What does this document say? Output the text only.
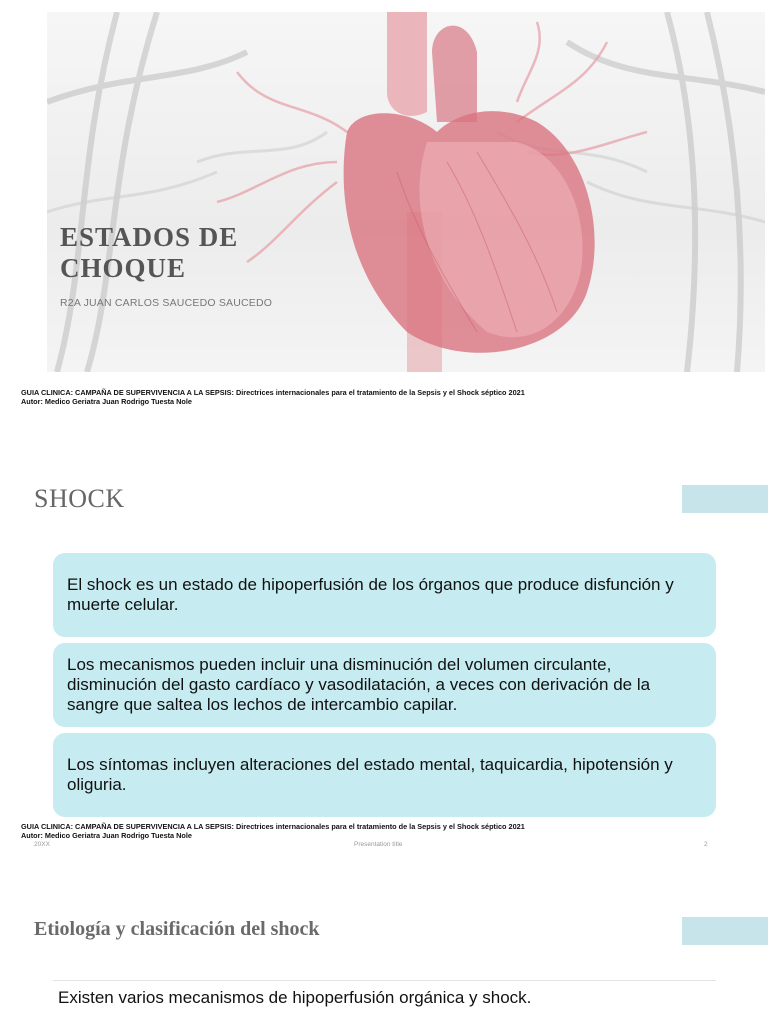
ESTADOS DE CHOQUE
R2A JUAN CARLOS SAUCEDO SAUCEDO
GUIA CLINICA: CAMPAÑA DE SUPERVIVENCIA A LA SEPSIS: Directrices internacionales para el tratamiento de la Sepsis y el Shock séptico 2021
Autor: Medico Geriatra Juan Rodrigo Tuesta Nole
SHOCK
El shock es un estado de hipoperfusión de los órganos que produce disfunción y muerte celular.
Los mecanismos pueden incluir una disminución del volumen circulante, disminución del gasto cardíaco y vasodilatación, a veces con derivación de la sangre que saltea los lechos de intercambio capilar.
Los síntomas incluyen alteraciones del estado mental, taquicardia, hipotensión y oliguria.
20XX	Presentation title	2
GUIA CLINICA: CAMPAÑA DE SUPERVIVENCIA A LA SEPSIS: Directrices internacionales para el tratamiento de la Sepsis y el Shock séptico 2021
Autor: Medico Geriatra Juan Rodrigo Tuesta Nole
Etiología y clasificación del shock
Existen varios mecanismos de hipoperfusión orgánica y shock.
